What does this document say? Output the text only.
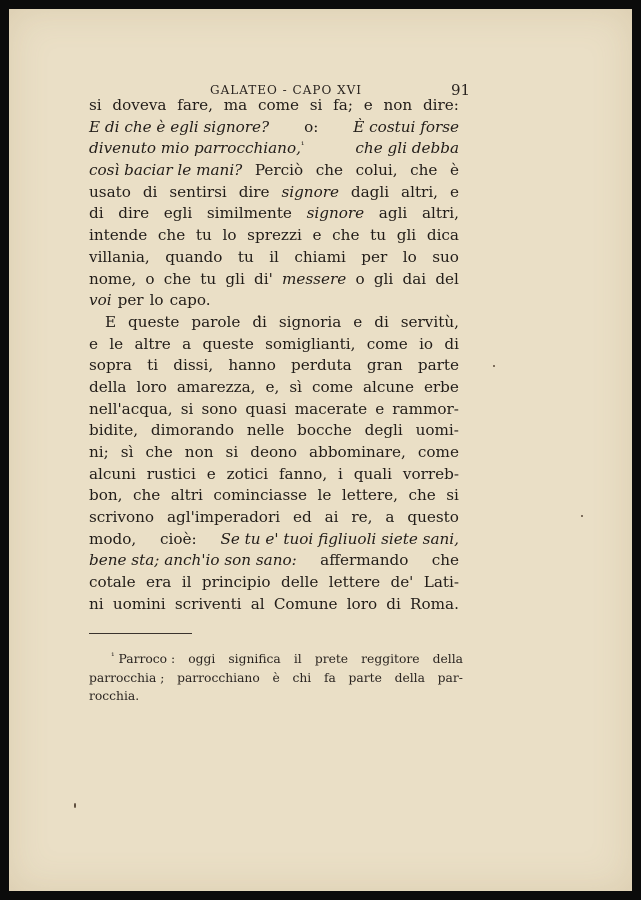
GALATEO - CAPO XVI	91
si doveva fare, ma come si fa; e non dire:
E di che è egli signore? o: È costui forse
divenuto mio parrocchiano,¹	che gli debba
così baciar le mani? Perciò che colui, che è
usato di sentirsi dire signore dagli altri, e
di dire egli similmente signore agli altri,
intende che tu lo sprezzi e che tu gli dica
villania, quando tu il chiami per lo suo
nome, o che tu gli di' messere o gli dai del
voi per lo capo.
E queste parole di signoria e di servitù,
e le altre a queste somiglianti, come io di
sopra ti dissi, hanno perduta gran parte
della loro amarezza, e, sì come alcune erbe
nell'acqua, si sono quasi macerate e rammor-
bidite, dimorando nelle bocche degli uomi-
ni; sì che non si deono abbominare, come
alcuni rustici e zotici fanno, i quali vorreb-
bon, che altri cominciasse le lettere, che si
scrivono agl'imperadori ed ai re, a questo
modo, cioè: Se tu e' tuoi figliuoli siete sani,
bene sta; anch'io son sano: affermando che
cotale era il principio delle lettere de' Lati-
ni uomini scriventi al Comune loro di Roma.
¹ Parroco : oggi significa il prete reggitore della
parrocchia ; parrocchiano è chi fa parte della par-
rocchia.
